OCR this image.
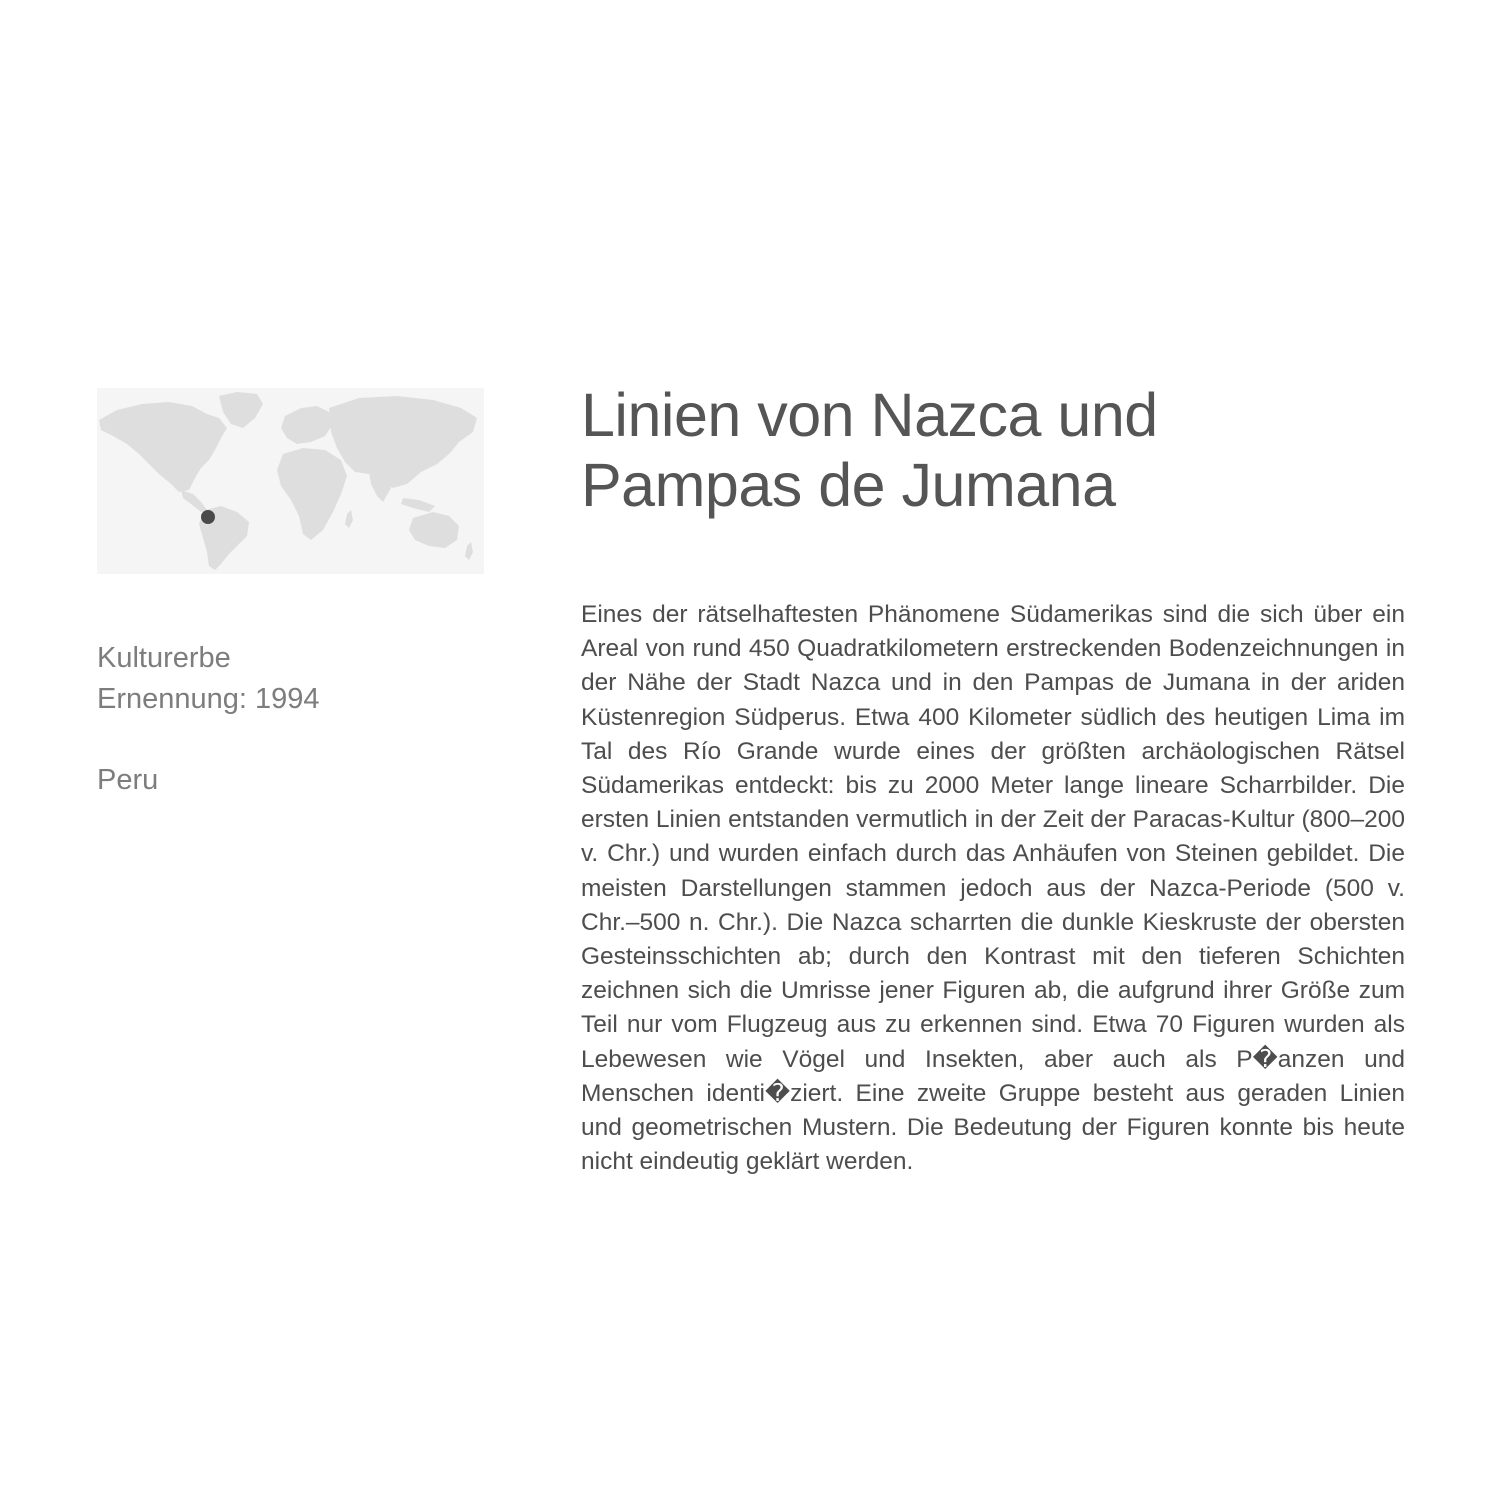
Kulturerbe
Ernennung: 1994
Peru
Linien von Nazca und
Pampas de Jumana

Eines der rätselhaftesten Phänomene Südamerikas sind die sich über ein Areal von rund 450 Quadratkilometern erstreckenden Bodenzeichnungen in der Nähe der Stadt Nazca und in den Pampas de Jumana in der ariden Küstenregion Südperus. Etwa 400 Kilometer südlich des heutigen Lima im Tal des Río Grande wurde eines der größten archäologischen Rätsel Südamerikas entdeckt: bis zu 2000 Meter lange lineare Scharrbilder. Die ersten Linien entstanden vermutlich in der Zeit der Paracas-Kultur (800–200 v. Chr.) und wurden einfach durch das Anhäufen von Steinen gebildet. Die meisten Darstellungen stammen jedoch aus der Nazca-Periode (500 v. Chr.–500 n. Chr.). Die Nazca scharrten die dunkle Kieskruste der obersten Gesteinsschichten ab; durch den Kontrast mit den tieferen Schichten zeichnen sich die Umrisse jener Figuren ab, die aufgrund ihrer Größe zum Teil nur vom Flugzeug aus zu erkennen sind. Etwa 70 Figuren wurden als Lebewesen wie Vögel und Insekten, aber auch als P�anzen und Menschen identi�ziert. Eine zweite Gruppe besteht aus geraden Linien und geometrischen Mustern. Die Bedeutung der Figuren konnte bis heute nicht eindeutig geklärt werden.
